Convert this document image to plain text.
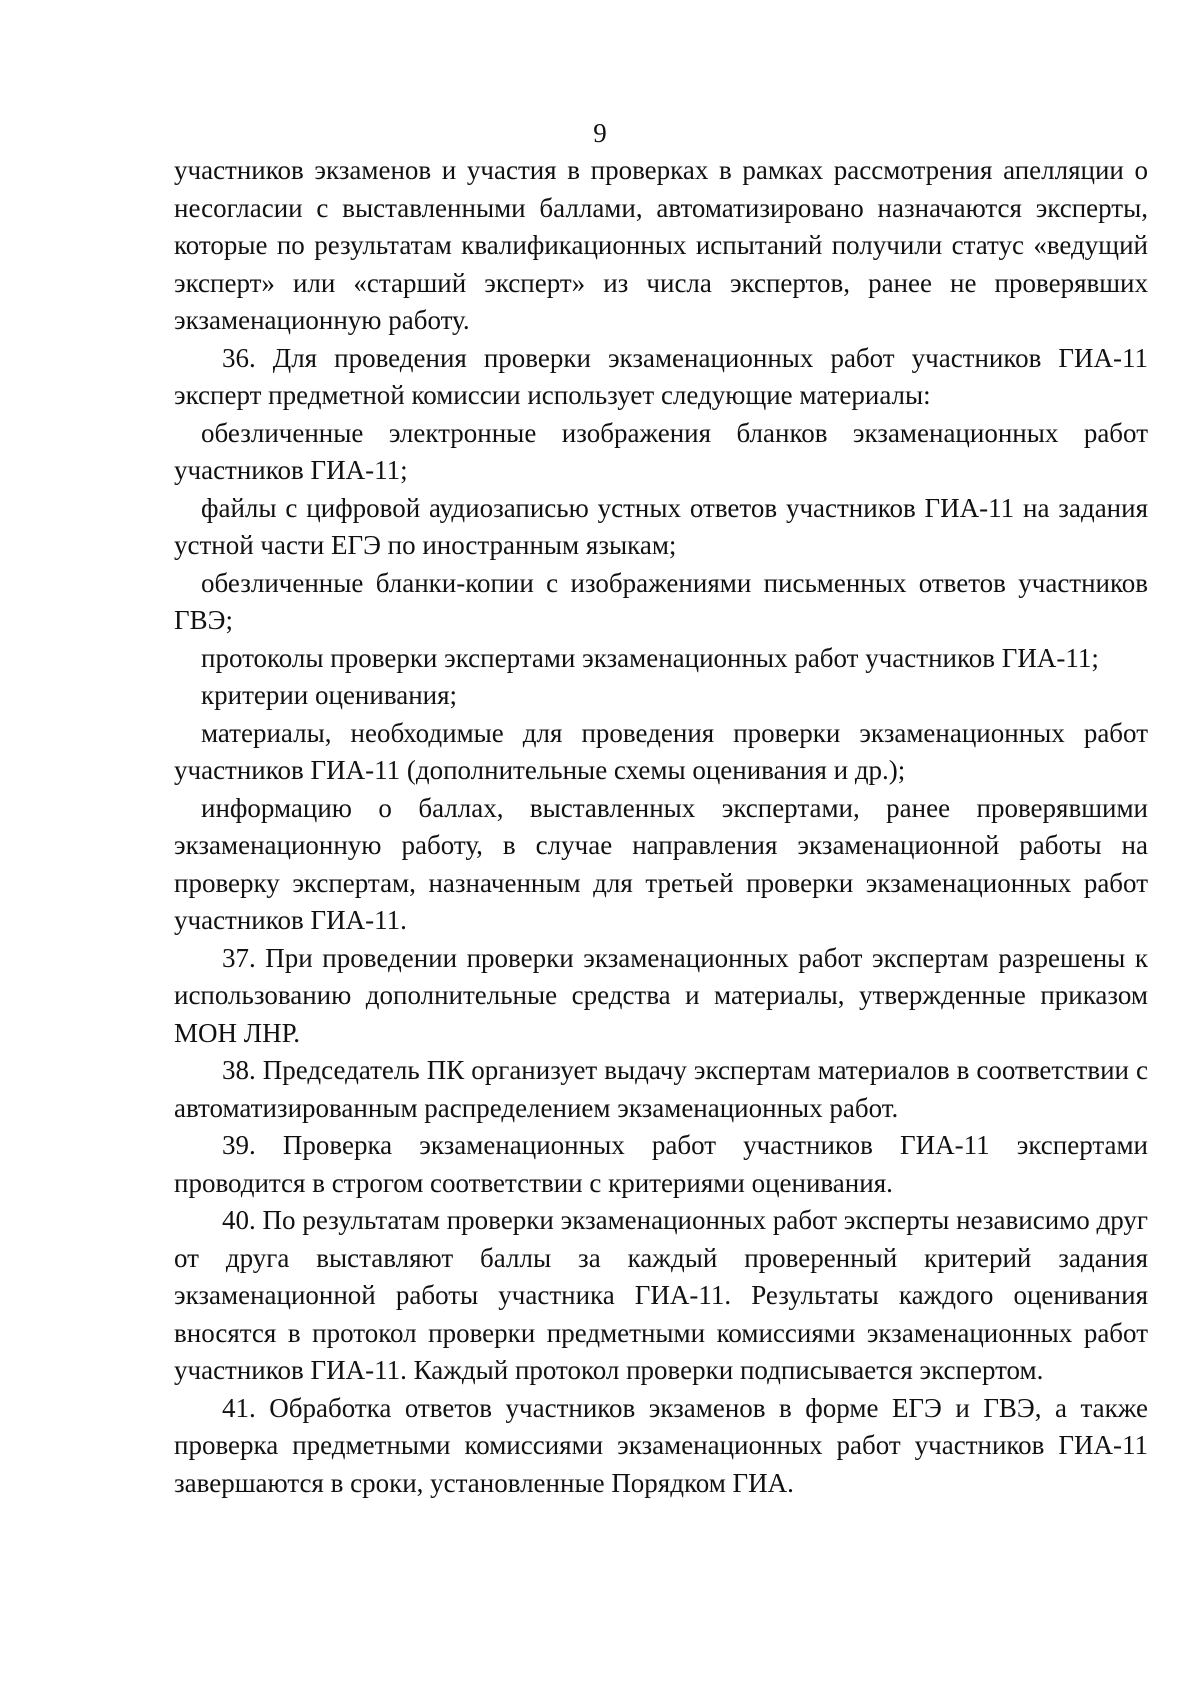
9

участников экзаменов и участия в проверках в рамках рассмотрения апелляции о несогласии с выставленными баллами, автоматизировано назначаются эксперты, которые по результатам квалификационных испытаний получили статус «ведущий эксперт» или «старший эксперт» из числа экспертов, ранее не проверявших экзаменационную работу.

36. Для проведения проверки экзаменационных работ участников ГИА-11 эксперт предметной комиссии использует следующие материалы:

обезличенные электронные изображения бланков экзаменационных работ участников ГИА-11;

файлы с цифровой аудиозаписью устных ответов участников ГИА-11 на задания устной части ЕГЭ по иностранным языкам;

обезличенные бланки-копии с изображениями письменных ответов участников ГВЭ;

протоколы проверки экспертами экзаменационных работ участников ГИА-11;

критерии оценивания;

материалы, необходимые для проведения проверки экзаменационных работ участников ГИА-11 (дополнительные схемы оценивания и др.);

информацию о баллах, выставленных экспертами, ранее проверявшими экзаменационную работу, в случае направления экзаменационной работы на проверку экспертам, назначенным для третьей проверки экзаменационных работ участников ГИА-11.

37. При проведении проверки экзаменационных работ экспертам разрешены к использованию дополнительные средства и материалы, утвержденные приказом МОН ЛНР.

38. Председатель ПК организует выдачу экспертам материалов в соответствии с автоматизированным распределением экзаменационных работ.

39. Проверка экзаменационных работ участников ГИА-11 экспертами проводится в строгом соответствии с критериями оценивания.

40. По результатам проверки экзаменационных работ эксперты независимо друг от друга выставляют баллы за каждый проверенный критерий задания экзаменационной работы участника ГИА-11. Результаты каждого оценивания вносятся в протокол проверки предметными комиссиями экзаменационных работ участников ГИА-11. Каждый протокол проверки подписывается экспертом.

41. Обработка ответов участников экзаменов в форме ЕГЭ и ГВЭ, а также проверка предметными комиссиями экзаменационных работ участников ГИА-11 завершаются в сроки, установленные Порядком ГИА.
